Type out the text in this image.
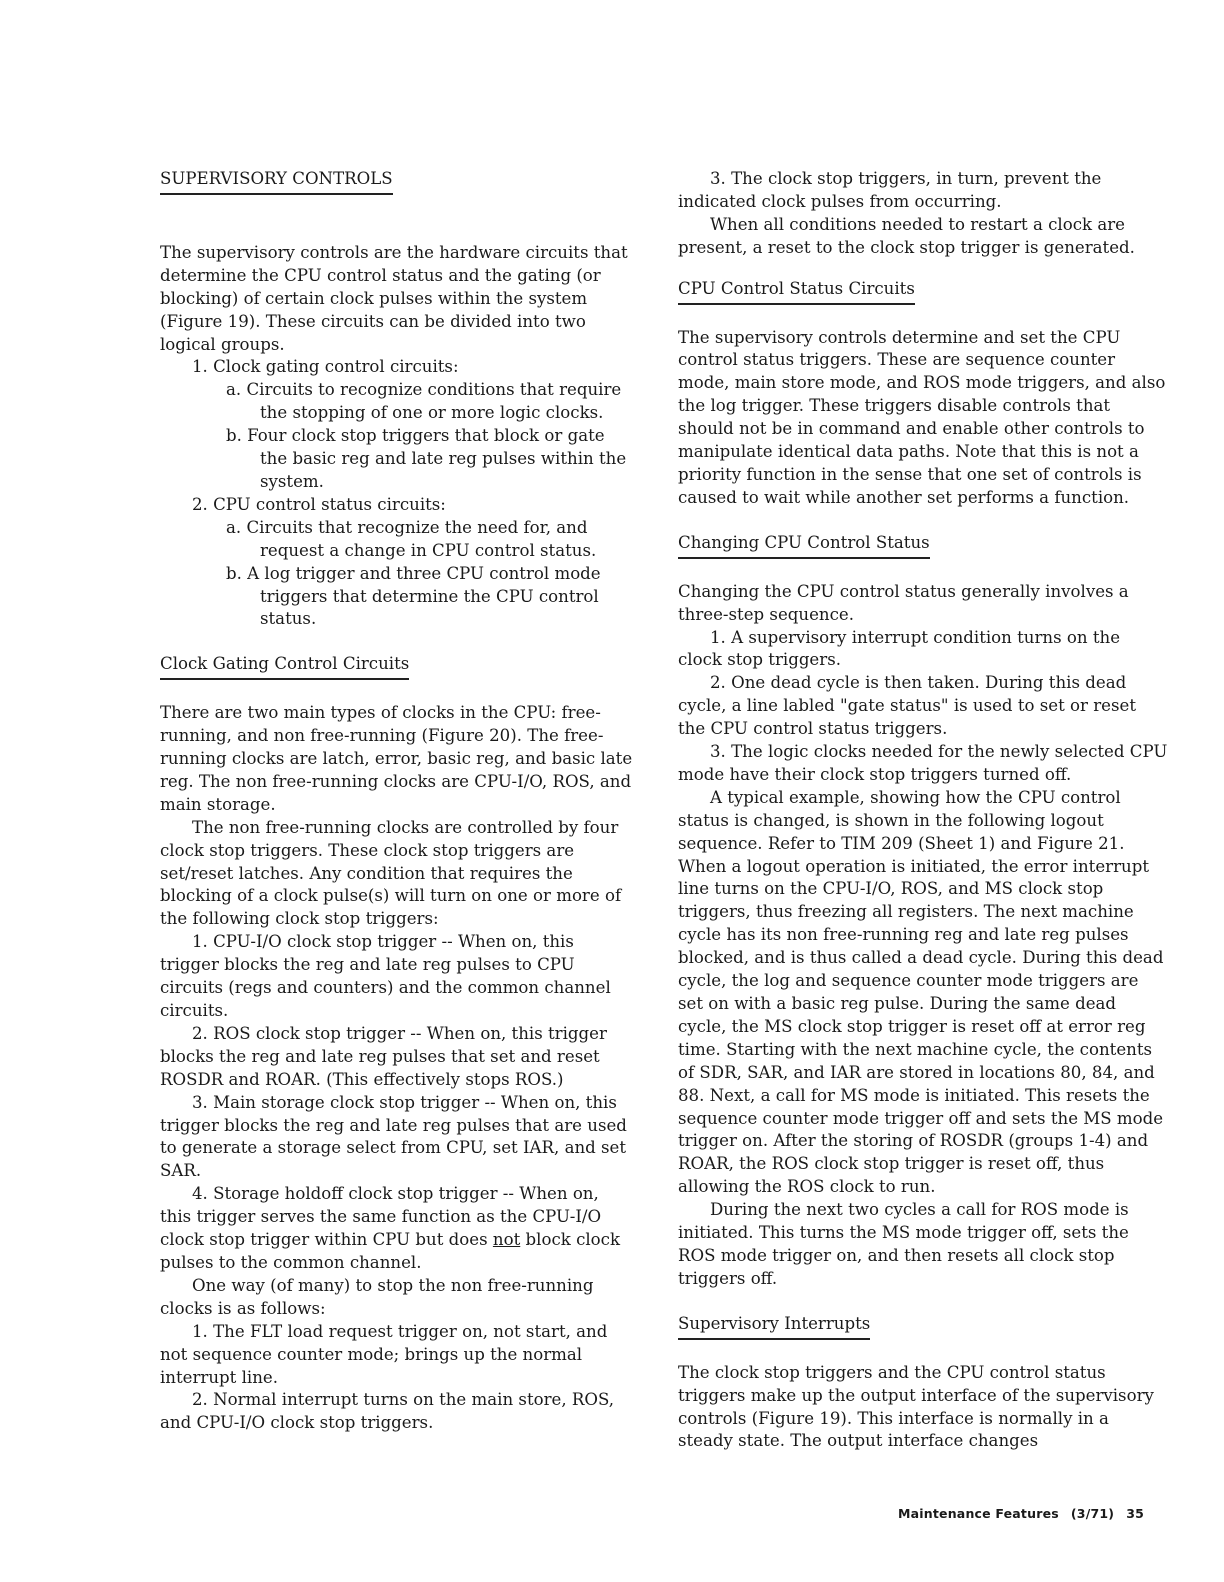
SUPERVISORY CONTROLS

The supervisory controls are the hardware circuits that determine the CPU control status and the gating (or blocking) of certain clock pulses within the system (Figure 19). These circuits can be divided into two logical groups.

1. Clock gating control circuits:

a. Circuits to recognize conditions that require the stopping of one or more logic clocks.

b. Four clock stop triggers that block or gate the basic reg and late reg pulses within the system.

2. CPU control status circuits:

a. Circuits that recognize the need for, and request a change in CPU control status.

b. A log trigger and three CPU control mode triggers that determine the CPU control status.

Clock Gating Control Circuits

There are two main types of clocks in the CPU: free-running, and non free-running (Figure 20). The free-running clocks are latch, error, basic reg, and basic late reg. The non free-running clocks are CPU-I/O, ROS, and main storage.

The non free-running clocks are controlled by four clock stop triggers. These clock stop triggers are set/reset latches. Any condition that requires the blocking of a clock pulse(s) will turn on one or more of the following clock stop triggers:

1. CPU-I/O clock stop trigger -- When on, this trigger blocks the reg and late reg pulses to CPU circuits (regs and counters) and the common channel circuits.

2. ROS clock stop trigger -- When on, this trigger blocks the reg and late reg pulses that set and reset ROSDR and ROAR. (This effectively stops ROS.)

3. Main storage clock stop trigger -- When on, this trigger blocks the reg and late reg pulses that are used to generate a storage select from CPU, set IAR, and set SAR.

4. Storage holdoff clock stop trigger -- When on, this trigger serves the same function as the CPU-I/O clock stop trigger within CPU but does not block clock pulses to the common channel.

One way (of many) to stop the non free-running clocks is as follows:

1. The FLT load request trigger on, not start, and not sequence counter mode; brings up the normal interrupt line.

2. Normal interrupt turns on the main store, ROS, and CPU-I/O clock stop triggers.

3. The clock stop triggers, in turn, prevent the indicated clock pulses from occurring.

When all conditions needed to restart a clock are present, a reset to the clock stop trigger is generated.

CPU Control Status Circuits

The supervisory controls determine and set the CPU control status triggers. These are sequence counter mode, main store mode, and ROS mode triggers, and also the log trigger. These triggers disable controls that should not be in command and enable other controls to manipulate identical data paths. Note that this is not a priority function in the sense that one set of controls is caused to wait while another set performs a function.

Changing CPU Control Status

Changing the CPU control status generally involves a three-step sequence.

1. A supervisory interrupt condition turns on the clock stop triggers.

2. One dead cycle is then taken. During this dead cycle, a line labled "gate status" is used to set or reset the CPU control status triggers.

3. The logic clocks needed for the newly selected CPU mode have their clock stop triggers turned off.

A typical example, showing how the CPU control status is changed, is shown in the following logout sequence. Refer to TIM 209 (Sheet 1) and Figure 21. When a logout operation is initiated, the error interrupt line turns on the CPU-I/O, ROS, and MS clock stop triggers, thus freezing all registers. The next machine cycle has its non free-running reg and late reg pulses blocked, and is thus called a dead cycle. During this dead cycle, the log and sequence counter mode triggers are set on with a basic reg pulse. During the same dead cycle, the MS clock stop trigger is reset off at error reg time. Starting with the next machine cycle, the contents of SDR, SAR, and IAR are stored in locations 80, 84, and 88. Next, a call for MS mode is initiated. This resets the sequence counter mode trigger off and sets the MS mode trigger on. After the storing of ROSDR (groups 1-4) and ROAR, the ROS clock stop trigger is reset off, thus allowing the ROS clock to run.

During the next two cycles a call for ROS mode is initiated. This turns the MS mode trigger off, sets the ROS mode trigger on, and then resets all clock stop triggers off.

Supervisory Interrupts

The clock stop triggers and the CPU control status triggers make up the output interface of the supervisory controls (Figure 19). This interface is normally in a steady state. The output interface changes

Maintenance Features (3/71) 35
